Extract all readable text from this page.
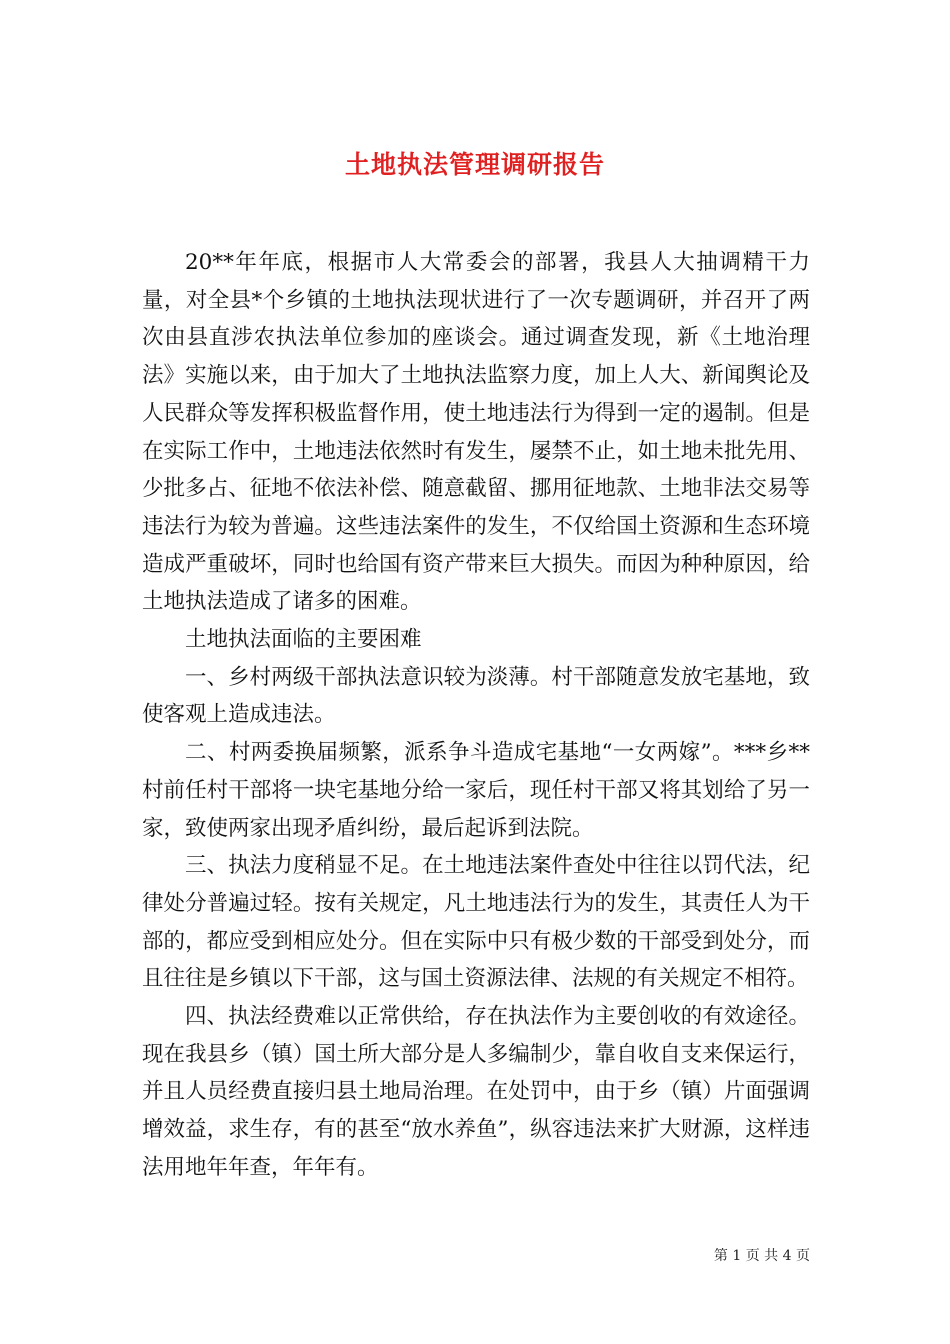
土地执法管理调研报告

20**年年底，根据市人大常委会的部署，我县人大抽调精干力量，对全县*个乡镇的土地执法现状进行了一次专题调研，并召开了两次由县直涉农执法单位参加的座谈会。通过调查发现，新《土地治理法》实施以来，由于加大了土地执法监察力度，加上人大、新闻舆论及人民群众等发挥积极监督作用，使土地违法行为得到一定的遏制。但是在实际工作中，土地违法依然时有发生，屡禁不止，如土地未批先用、少批多占、征地不依法补偿、随意截留、挪用征地款、土地非法交易等违法行为较为普遍。这些违法案件的发生，不仅给国土资源和生态环境造成严重破坏，同时也给国有资产带来巨大损失。而因为种种原因，给土地执法造成了诸多的困难。

土地执法面临的主要困难

一、乡村两级干部执法意识较为淡薄。村干部随意发放宅基地，致使客观上造成违法。

二、村两委换届频繁，派系争斗造成宅基地“一女两嫁”。***乡**村前任村干部将一块宅基地分给一家后，现任村干部又将其划给了另一家，致使两家出现矛盾纠纷，最后起诉到法院。

三、执法力度稍显不足。在土地违法案件查处中往往以罚代法，纪律处分普遍过轻。按有关规定，凡土地违法行为的发生，其责任人为干部的，都应受到相应处分。但在实际中只有极少数的干部受到处分，而且往往是乡镇以下干部，这与国土资源法律、法规的有关规定不相符。

四、执法经费难以正常供给，存在执法作为主要创收的有效途径。现在我县乡（镇）国土所大部分是人多编制少，靠自收自支来保运行，并且人员经费直接归县土地局治理。在处罚中，由于乡（镇）片面强调增效益，求生存，有的甚至“放水养鱼”，纵容违法来扩大财源，这样违法用地年年查，年年有。

第 1 页 共 4 页
